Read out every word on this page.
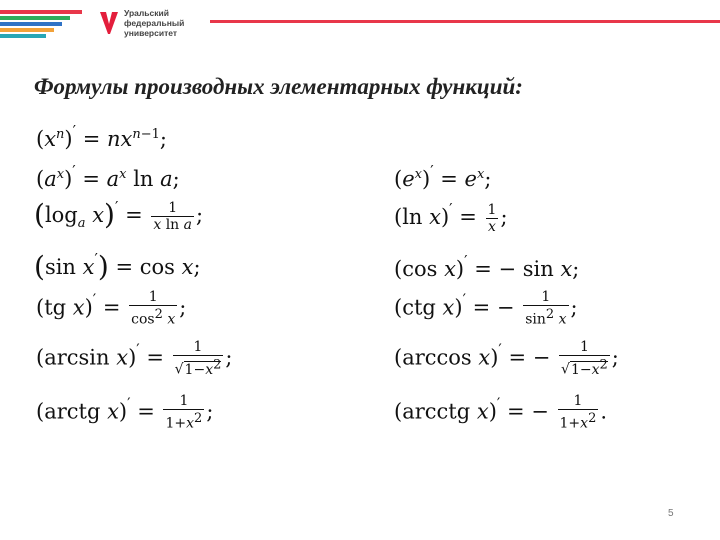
Уральский
федеральный
университет
Формулы производных элементарных функций:
$(x^n)' = nx^{n-1}$;
$(a^x)' = a^x$ ln a;
($\log_a$ $x)' = \frac{1}{\text{x ln a}}$ ;
(sin x′) = cos x;
(tg $x)' = \frac{1}{\cos^2 x}$ ;
(arcsin $x)' = \frac{1}{√1-x^2}$ ;
(arctg $x)' = \frac{1}{1+x^2}$ ;
$(e^x)' = e^x$;
(ln $x)' = \frac{1}{x}$ ;
(cos x)′ = − sin x;
(ctg x)′ = − $\frac{1}{\sin^2 x}$ ;
(arccos x)′ = − $\frac{1}{√1-x^2}$ ;
(arcctg x)′ = − $\frac{1}{1+x^2}$ .
5
